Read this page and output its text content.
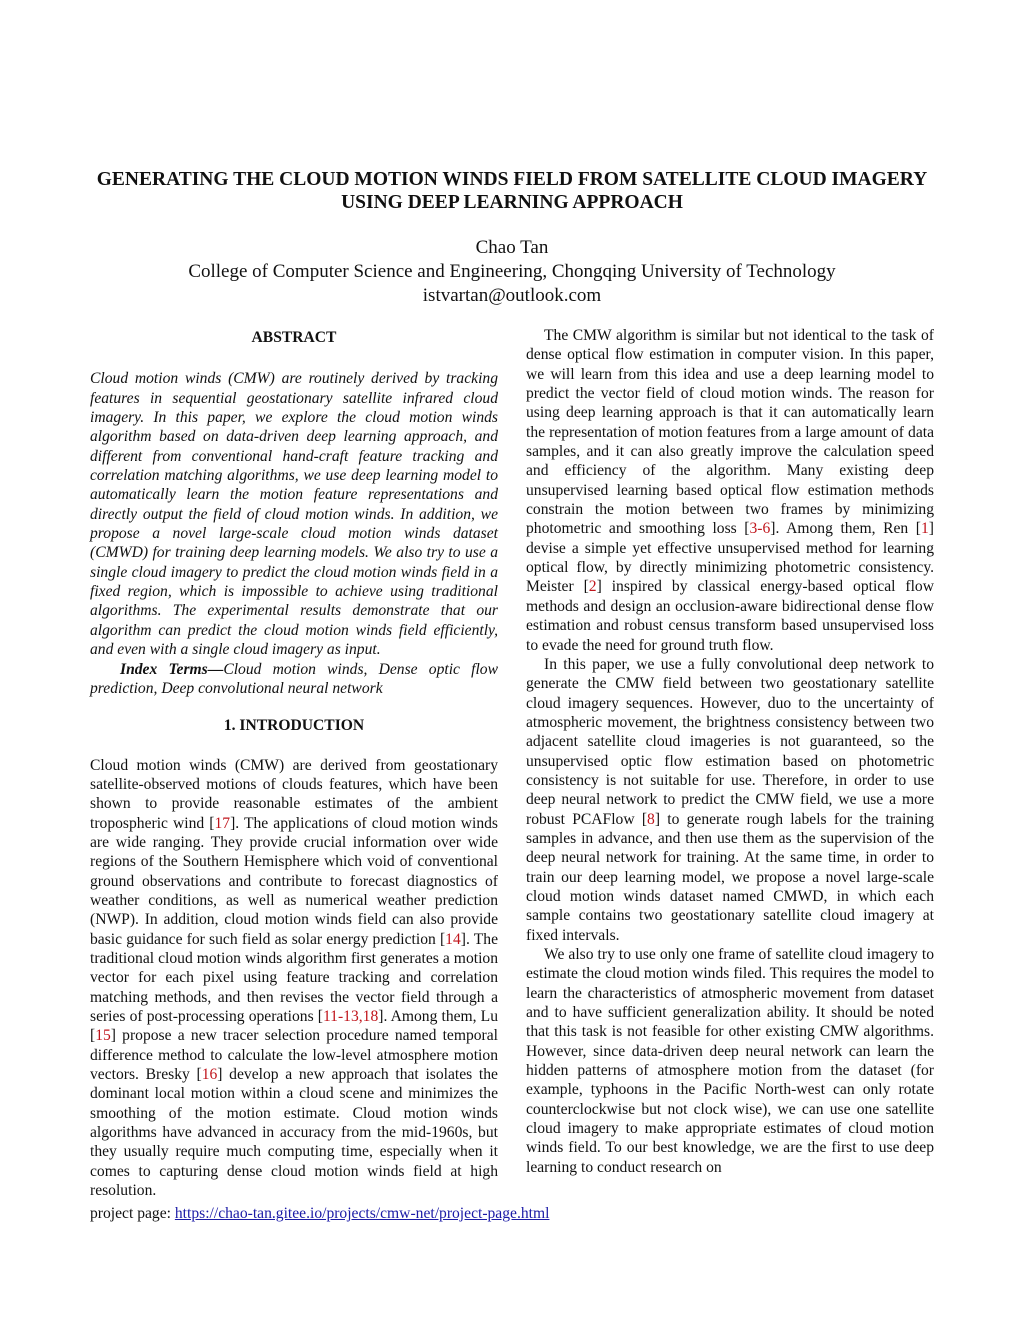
GENERATING THE CLOUD MOTION WINDS FIELD FROM SATELLITE CLOUD IMAGERY USING DEEP LEARNING APPROACH
Chao Tan
College of Computer Science and Engineering, Chongqing University of Technology
istvartan@outlook.com
ABSTRACT

Cloud motion winds (CMW) are routinely derived by tracking features in sequential geostationary satellite infrared cloud imagery. In this paper, we explore the cloud motion winds algorithm based on data-driven deep learning approach, and different from conventional hand-craft feature tracking and correlation matching algorithms, we use deep learning model to automatically learn the motion feature representations and directly output the field of cloud motion winds. In addition, we propose a novel large-scale cloud motion winds dataset (CMWD) for training deep learning models. We also try to use a single cloud imagery to predict the cloud motion winds field in a fixed region, which is impossible to achieve using traditional algorithms. The experimental results demonstrate that our algorithm can predict the cloud motion winds field efficiently, and even with a single cloud imagery as input.

Index Terms—Cloud motion winds, Dense optic flow prediction, Deep convolutional neural network

1. INTRODUCTION

Cloud motion winds (CMW) are derived from geostationary satellite-observed motions of clouds features, which have been shown to provide reasonable estimates of the ambient tropospheric wind [17]. The applications of cloud motion winds are wide ranging. They provide crucial information over wide regions of the Southern Hemisphere which void of conventional ground observations and contribute to forecast diagnostics of weather conditions, as well as numerical weather prediction (NWP). In addition, cloud motion winds field can also provide basic guidance for such field as solar energy prediction [14]. The traditional cloud motion winds algorithm first generates a motion vector for each pixel using feature tracking and correlation matching methods, and then revises the vector field through a series of post-processing operations [11-13,18]. Among them, Lu [15] propose a new tracer selection procedure named temporal difference method to calculate the low-level atmosphere motion vectors. Bresky [16] develop a new approach that isolates the dominant local motion within a cloud scene and minimizes the smoothing of the motion estimate. Cloud motion winds algorithms have advanced in accuracy from the mid-1960s, but they usually require much computing time, especially when it comes to capturing dense cloud motion winds field at high resolution.

The CMW algorithm is similar but not identical to the task of dense optical flow estimation in computer vision. In this paper, we will learn from this idea and use a deep learning model to predict the vector field of cloud motion winds. The reason for using deep learning approach is that it can automatically learn the representation of motion features from a large amount of data samples, and it can also greatly improve the calculation speed and efficiency of the algorithm. Many existing deep unsupervised learning based optical flow estimation methods constrain the motion between two frames by minimizing photometric and smoothing loss [3-6]. Among them, Ren [1] devise a simple yet effective unsupervised method for learning optical flow, by directly minimizing photometric consistency. Meister [2] inspired by classical energy-based optical flow methods and design an occlusion-aware bidirectional dense flow estimation and robust census transform based unsupervised loss to evade the need for ground truth flow.

In this paper, we use a fully convolutional deep network to generate the CMW field between two geostationary satellite cloud imagery sequences. However, duo to the uncertainty of atmospheric movement, the brightness consistency between two adjacent satellite cloud imageries is not guaranteed, so the unsupervised optic flow estimation based on photometric consistency is not suitable for use. Therefore, in order to use deep neural network to predict the CMW field, we use a more robust PCAFlow [8] to generate rough labels for the training samples in advance, and then use them as the supervision of the deep neural network for training. At the same time, in order to train our deep learning model, we propose a novel large-scale cloud motion winds dataset named CMWD, in which each sample contains two geostationary satellite cloud imagery at fixed intervals.

We also try to use only one frame of satellite cloud imagery to estimate the cloud motion winds filed. This requires the model to learn the characteristics of atmospheric movement from dataset and to have sufficient generalization ability. It should be noted that this task is not feasible for other existing CMW algorithms. However, since data-driven deep neural network can learn the hidden patterns of atmosphere motion from the dataset (for example, typhoons in the Pacific North-west can only rotate counterclockwise but not clock wise), we can use one satellite cloud imagery to make appropriate estimates of cloud motion winds field. To our best knowledge, we are the first to use deep learning to conduct research on

project page: https://chao-tan.gitee.io/projects/cmw-net/project-page.html
